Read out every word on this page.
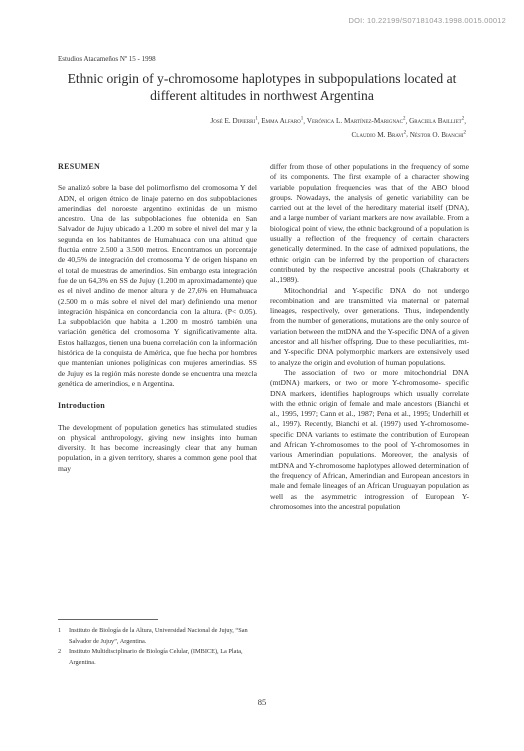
DOI: 10.22199/S07181043.1998.0015.00012
Estudios Atacameños Nº 15 - 1998
Ethnic origin of y-chromosome haplotypes in subpopulations located at different altitudes in northwest Argentina
José E. Dipierri$^1$, Emma Alfaro$^1$, Verónica L. Martínez-Marignac$^2$, Graciela Bailliet$^2$,
Claudio M. Bravi$^2$, Néstor O. Bianchi$^2$
RESUMEN

Se analizó sobre la base del polimorfismo del cromosoma Y del ADN, el origen étnico de linaje paterno en dos subpoblaciones amerindias del noroeste argentino extinidas de un mismo ancestro. Una de las subpoblaciones fue obtenida en San Salvador de Jujuy ubicado a 1.200 m sobre el nivel del mar y la segunda en los habitantes de Humahuaca con una altitud que fluctúa entre 2.500 a 3.500 metros. Encontramos un porcentaje de 40,5% de integración del cromosoma Y de origen hispano en el total de muestras de amerindios. Sin embargo esta integración fue de un 64,3% en SS de Jujuy (1.200 m aproximadamente) que es el nivel andino de menor altura y de 27,6% en Humahuaca (2.500 m o más sobre el nivel del mar) definiendo una menor integración hispánica en concordancia con la altura. (P< 0.05). La subpoblación que habita a 1.200 m mostró también una variación genética del cromosoma Y significativamente alta. Estos hallazgos, tienen una buena correlación con la información histórica de la conquista de América, que fue hecha por hombres que mantenían uniones poligínicas con mujeres amerindias. SS de Jujuy es la región más noreste donde se encuentra una mezcla genética de amerindios, e n Argentina.

Introduction

The development of population genetics has stimulated studies on physical anthropology, giving new insights into human diversity. It has become increasingly clear that any human population, in a given territory, shares a common gene pool that may

differ from those of other populations in the frequency of some of its components. The first example of a character showing variable population frequencies was that of the ABO blood groups. Nowadays, the analysis of genetic variability can be carried out at the level of the hereditary material itself (DNA), and a large number of variant markers are now available. From a biological point of view, the ethnic background of a population is usually a reflection of the frequency of certain characters genetically determined. In the case of admixed populations, the ethnic origin can be inferred by the proportion of characters contributed by the respective ancestral pools (Chakraborty et al.,1989).

Mitochondrial and Y-specific DNA do not undergo recombination and are transmitted via maternal or paternal lineages, respectively, over generations. Thus, independently from the number of generations, mutations are the only source of variation between the mtDNA and the Y-specific DNA of a given ancestor and all his/her offspring. Due to these peculiarities, mt- and Y-specific DNA polymorphic markers are extensively used to analyze the origin and evolution of human populations.

The association of two or more mitochondrial DNA (mtDNA) markers, or two or more Y-chromosome- specific DNA markers, identifies haplogroups which usually correlate with the ethnic origin of female and male ancestors (Bianchi et al., 1995, 1997; Cann et al., 1987; Pena et al., 1995; Underhill et al., 1997). Recently, Bianchi et al. (1997) used Y-chromosome-specific DNA variants to estimate the contribution of European and African Y-chromosomes to the pool of Y-chromosomes in various Amerindian populations. Moreover, the analysis of mtDNA and Y-chromosome haplotypes allowed determination of the frequency of African, Amerindian and European ancestors in male and female lineages of an African Uruguayan population as well as the asymmetric introgression of European Y-chromosomes into the ancestral population

1	Instituto de Biología de la Altura, Universidad Nacional de Jujuy, “San Salvador de Jujuy”, Argentina.
2	Instituto Multidisciplinario de Biología Celular, (IMBICE), La Plata, Argentina.
85
